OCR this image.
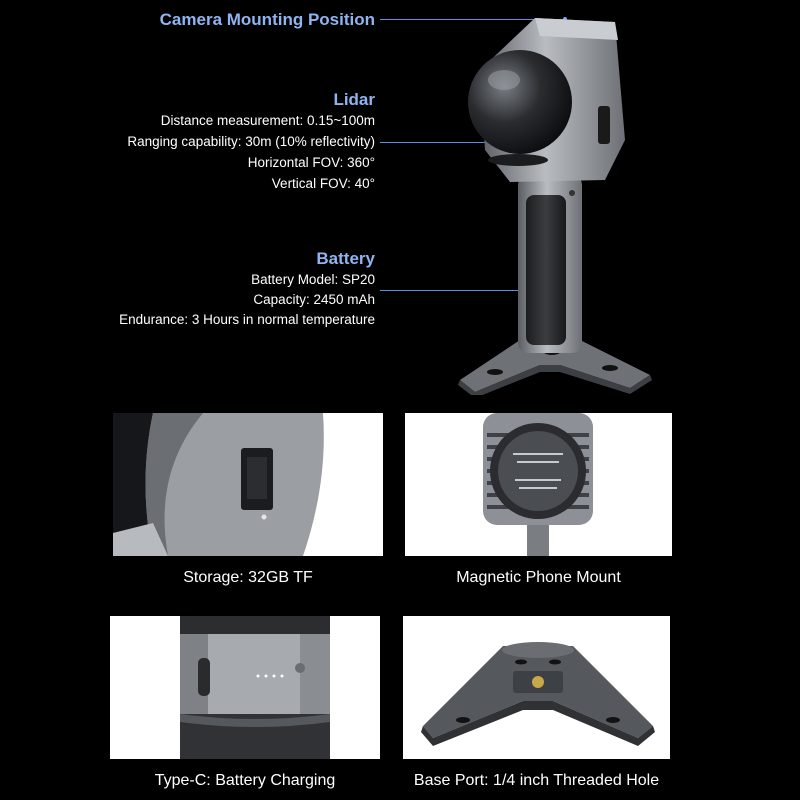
Camera Mounting Position
Lidar
Distance measurement: 0.15~100m
Ranging capability: 30m (10% reflectivity)
Horizontal FOV: 360°
Vertical FOV: 40°
Battery
Battery Model: SP20
Capacity: 2450 mAh
Endurance: 3 Hours in normal temperature
Storage: 32GB TF	Magnetic Phone Mount
Type-C: Battery Charging	Base Port: 1/4 inch Threaded Hole
